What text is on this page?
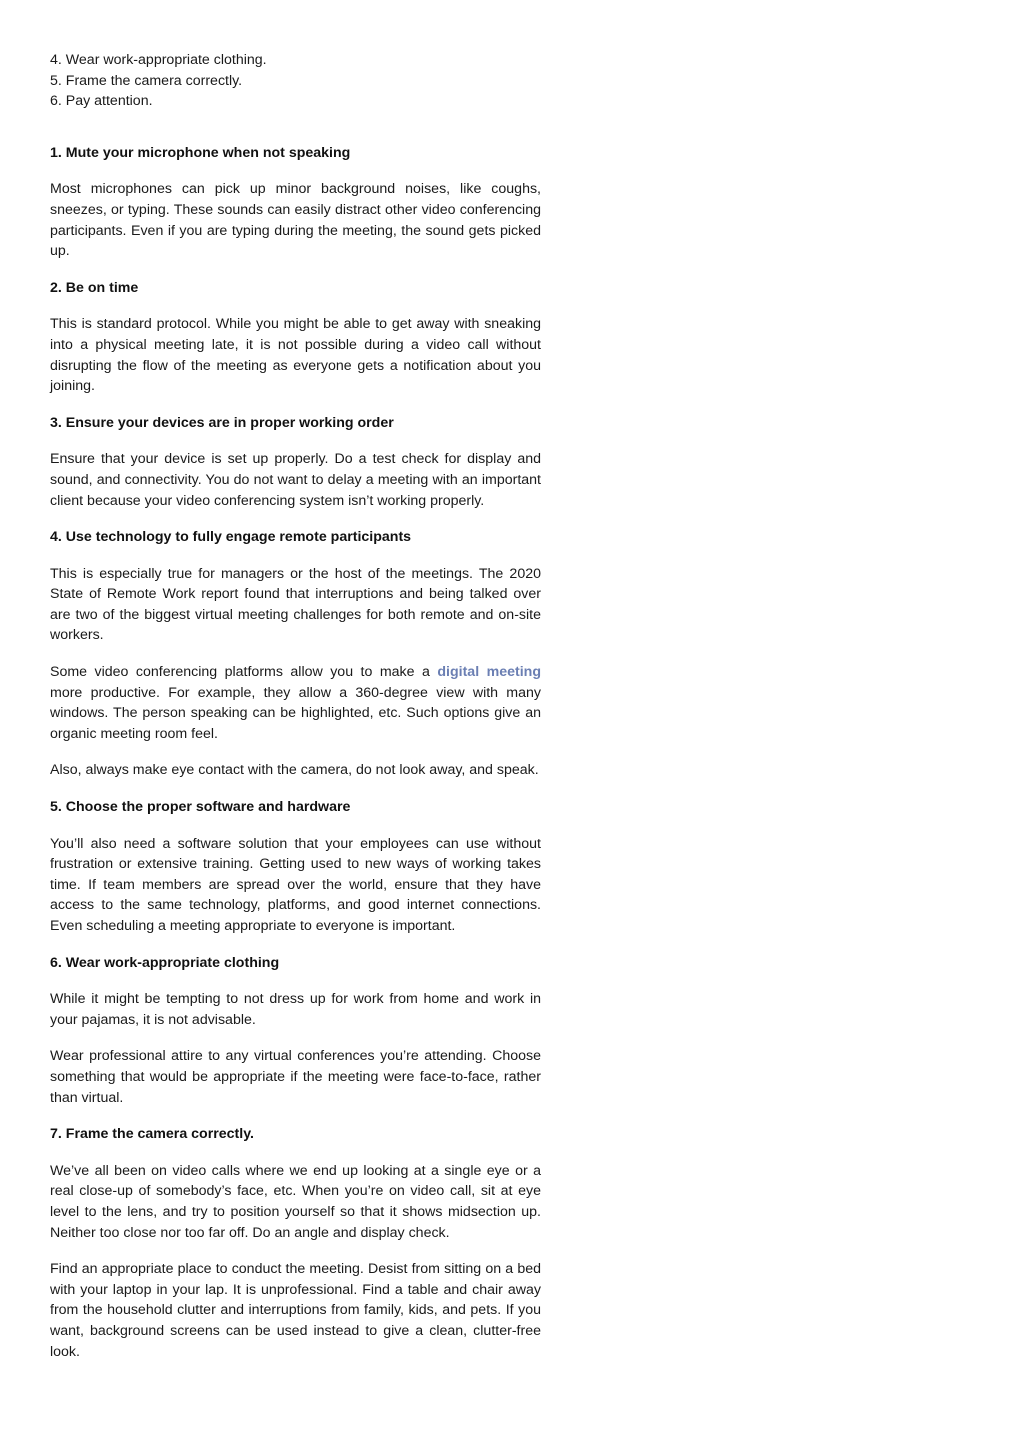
4. Wear work-appropriate clothing.
5. Frame the camera correctly.
6. Pay attention.
1. Mute your microphone when not speaking
Most microphones can pick up minor background noises, like coughs, sneezes, or typing. These sounds can easily distract other video conferencing participants. Even if you are typing during the meeting, the sound gets picked up.
2. Be on time
This is standard protocol. While you might be able to get away with sneaking into a physical meeting late, it is not possible during a video call without disrupting the flow of the meeting as everyone gets a notification about you joining.
3. Ensure your devices are in proper working order
Ensure that your device is set up properly. Do a test check for display and sound, and connectivity. You do not want to delay a meeting with an important client because your video conferencing system isn’t working properly.
4. Use technology to fully engage remote participants
This is especially true for managers or the host of the meetings. The 2020 State of Remote Work report found that interruptions and being talked over are two of the biggest virtual meeting challenges for both remote and on-site workers.
Some video conferencing platforms allow you to make a digital meeting more productive. For example, they allow a 360-degree view with many windows. The person speaking can be highlighted, etc. Such options give an organic meeting room feel.
Also, always make eye contact with the camera, do not look away, and speak.
5. Choose the proper software and hardware
You’ll also need a software solution that your employees can use without frustration or extensive training. Getting used to new ways of working takes time. If team members are spread over the world, ensure that they have access to the same technology, platforms, and good internet connections. Even scheduling a meeting appropriate to everyone is important.
6. Wear work-appropriate clothing
While it might be tempting to not dress up for work from home and work in your pajamas, it is not advisable.
Wear professional attire to any virtual conferences you’re attending. Choose something that would be appropriate if the meeting were face-to-face, rather than virtual.
7. Frame the camera correctly.
We’ve all been on video calls where we end up looking at a single eye or a real close-up of somebody’s face, etc. When you’re on video call, sit at eye level to the lens, and try to position yourself so that it shows midsection up. Neither too close nor too far off. Do an angle and display check.
Find an appropriate place to conduct the meeting. Desist from sitting on a bed with your laptop in your lap. It is unprofessional. Find a table and chair away from the household clutter and interruptions from family, kids, and pets. If you want, background screens can be used instead to give a clean, clutter-free look.
